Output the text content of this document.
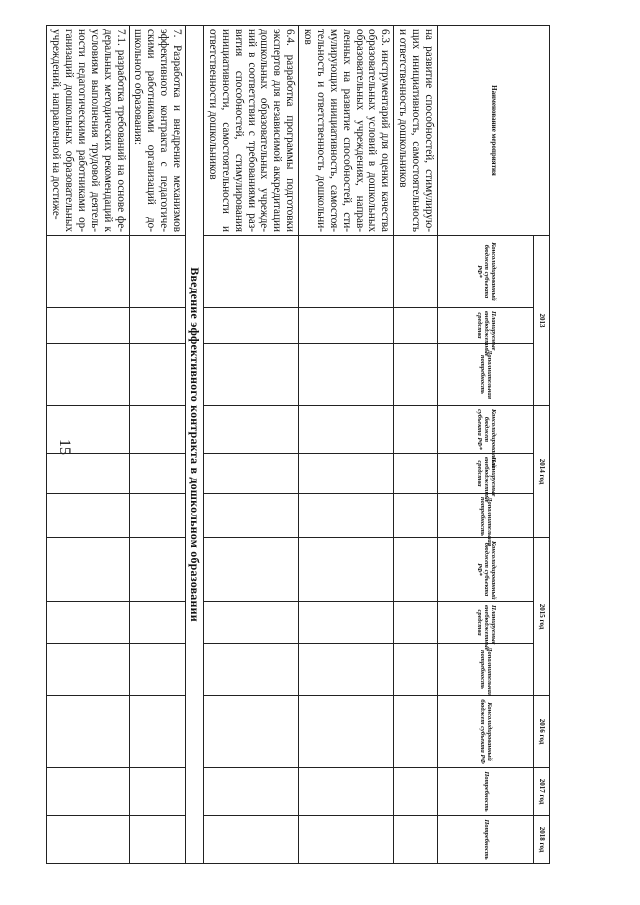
15
Наименование мероприятия	2013			2014 год			2015 год			2016 год	2017 год	2018 год
	Консолидированный бюджет субъекта РФ*	Планируемые внебюджетные средства	Дополнительная потребность	Консолидированный бюджет субъекта РФ*	Планируемые внебюджетные средства	Дополнительная потребность	Консолидированный бюджет субъекта РФ*	Планируемые внебюджетные средства	Дополнительная потребность	Консолидированный бюджет субъекта РФ	Потребность	Потребность
на развитие способностей, стимулирую-щих инициативность, самостоятельность и ответственность дошкольников												
6.3. инструментарий для оценки качества образовательных условий в дошкольных образовательных учреждениях, направ-ленных на развитие способностей, сти-мулирующих инициативность, самостоя-тельность и ответственность дошкольни-ков												
6.4. разработка программы подготовки экспертов для независимой аккредитации дошкольных образовательных учрежде-ний в соответствии с требованиями раз-вития способностей, стимулирования инициативности, самостоятельности и ответственности дошкольников												
Введение эффективного контракта в дошкольном образовании												
7. Разработка и внедрение механизмов эффективного контракта с педагогиче-скими работниками организаций до-школьного образования:												
7.1. разработка требований на основе фе-деральных методических рекомендаций к условиям выполнения трудовой деятель-ности педагогическими работниками ор-ганизаций дошкольных образовательных учреждений, направленной на достиже-												
